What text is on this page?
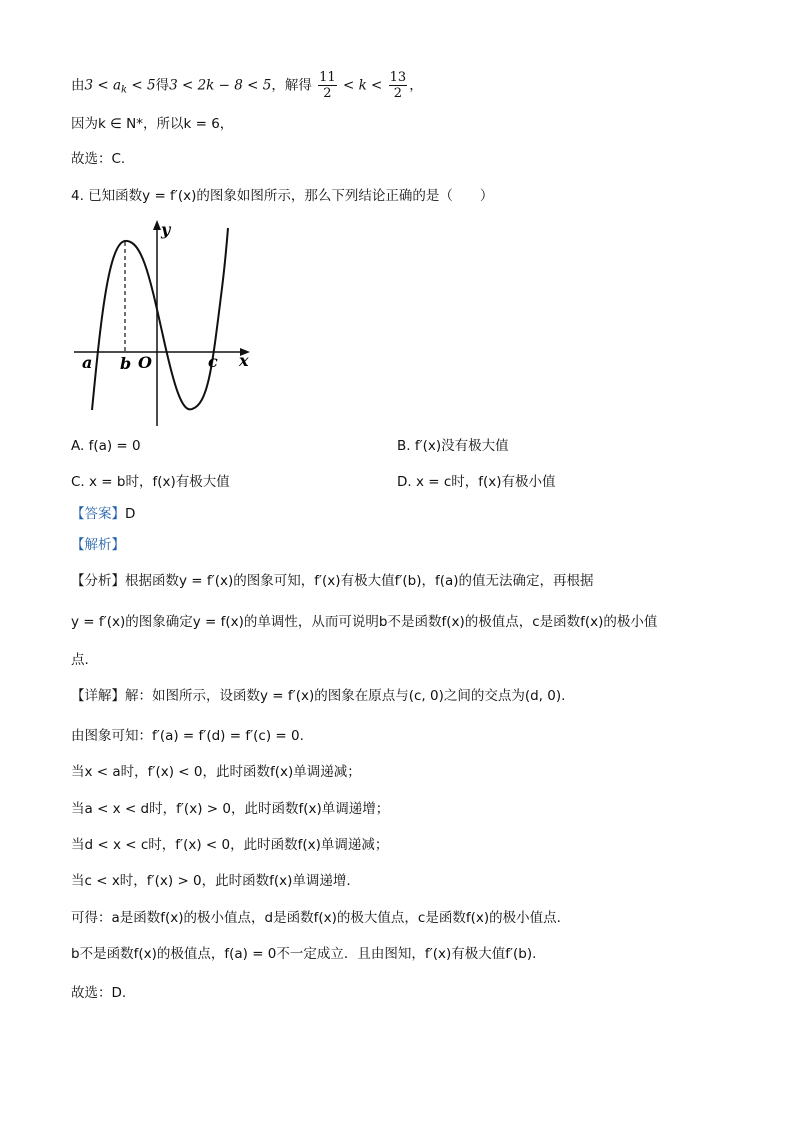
由$3 < a_k < 5$得3 < 2k − 8 < 5，解得 $\frac{11}{2} < k < \frac{13}{2}$ ，
因为k ∈ N*，所以k = 6，
故选：C.
4. 已知函数y = f′(x)的图象如图所示，那么下列结论正确的是（　　）
y
x
a b O	c
A. f(a) = 0	B. f′(x)没有极大值
C. x = b时，f(x)有极大值	D. x = c时，f(x)有极小值
【答案】D
【解析】
【分析】根据函数y = f′(x)的图象可知，f′(x)有极大值f′(b)，f(a)的值无法确定，再根据
y = f′(x)的图象确定y = f(x)的单调性，从而可说明b不是函数f(x)的极值点，c是函数f(x)的极小值
点.
【详解】解：如图所示，设函数y = f′(x)的图象在原点与(c, 0)之间的交点为(d, 0).
由图象可知：f′(a) = f′(d) = f′(c) = 0.
当x < a时，f′(x) < 0，此时函数f(x)单调递减；
当a < x < d时，f′(x) > 0，此时函数f(x)单调递增；
当d < x < c时，f′(x) < 0，此时函数f(x)单调递减；
当c < x时，f′(x) > 0，此时函数f(x)单调递增.
可得：a是函数f(x)的极小值点，d是函数f(x)的极大值点，c是函数f(x)的极小值点.
b不是函数f(x)的极值点，f(a) = 0不一定成立．且由图知，f′(x)有极大值f′(b).
故选：D.
